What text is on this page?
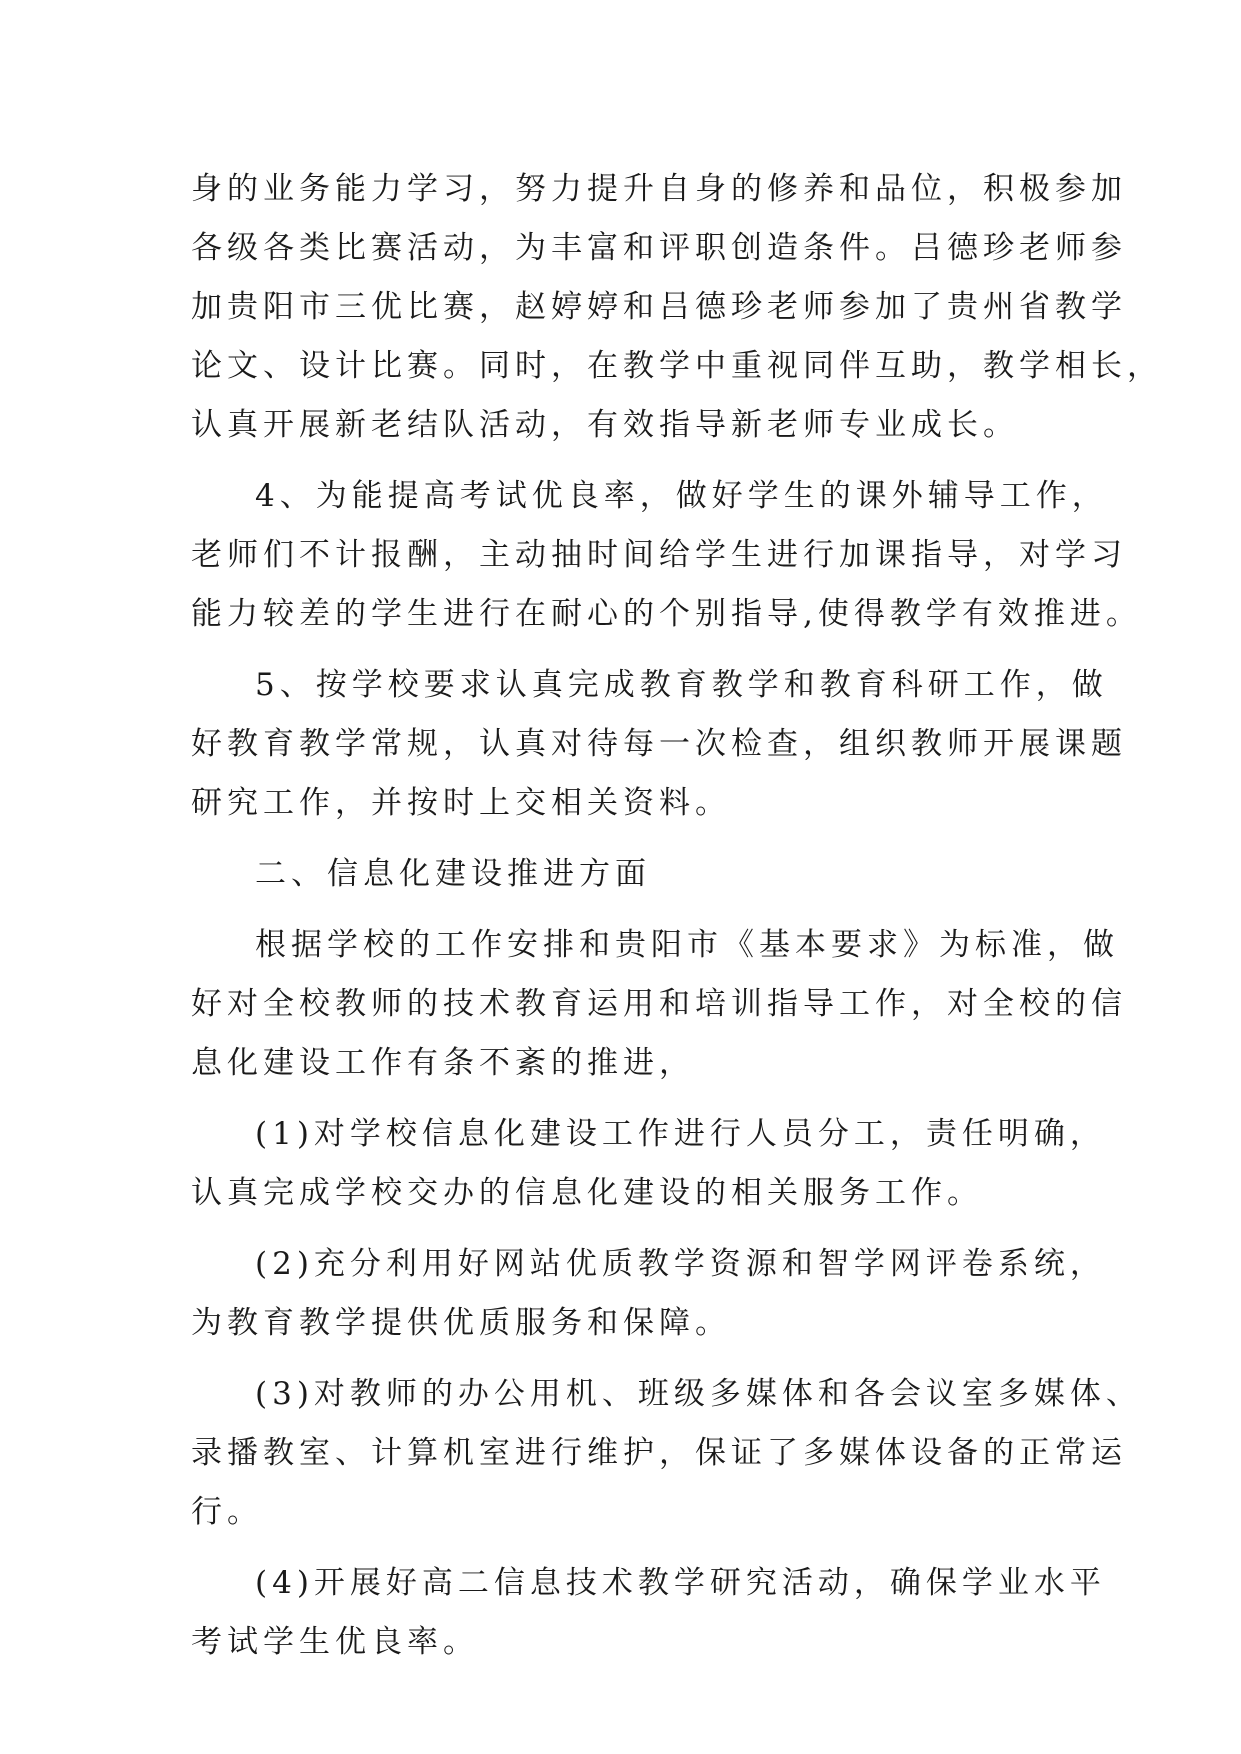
身的业务能力学习，努力提升自身的修养和品位，积极参加
各级各类比赛活动，为丰富和评职创造条件。吕德珍老师参
加贵阳市三优比赛，赵婷婷和吕德珍老师参加了贵州省教学
论文、设计比赛。同时，在教学中重视同伴互助，教学相长，
认真开展新老结队活动，有效指导新老师专业成长。
4、为能提高考试优良率，做好学生的课外辅导工作，
老师们不计报酬，主动抽时间给学生进行加课指导，对学习
能力较差的学生进行在耐心的个别指导,使得教学有效推进。
5、按学校要求认真完成教育教学和教育科研工作，做
好教育教学常规，认真对待每一次检查，组织教师开展课题
研究工作，并按时上交相关资料。
二、信息化建设推进方面
根据学校的工作安排和贵阳市《基本要求》为标准，做
好对全校教师的技术教育运用和培训指导工作，对全校的信
息化建设工作有条不紊的推进，
(1)对学校信息化建设工作进行人员分工，责任明确，
认真完成学校交办的信息化建设的相关服务工作。
(2)充分利用好网站优质教学资源和智学网评卷系统，
为教育教学提供优质服务和保障。
(3)对教师的办公用机、班级多媒体和各会议室多媒体、
录播教室、计算机室进行维护，保证了多媒体设备的正常运
行。
(4)开展好高二信息技术教学研究活动，确保学业水平
考试学生优良率。
